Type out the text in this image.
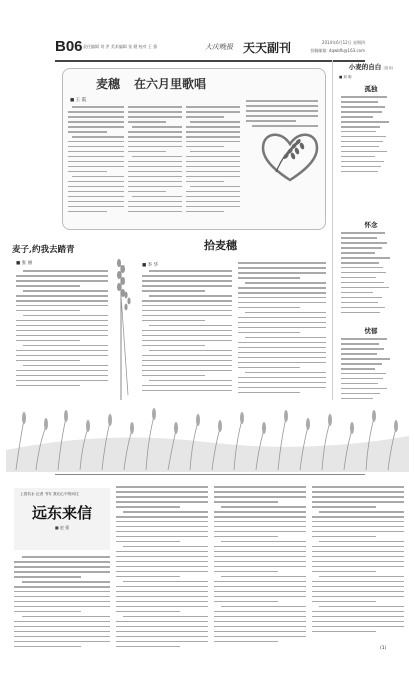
B06 责任编辑 刘 洪 美术编辑 张 健 校对 王 强	大庆晚报 天天副刊	2014年6月12日 星期四
投稿邮箱: dqwbfk@163.com
麦穗 在六月里歌唱
■ 王 霞
小麦的自白 (组诗)
■ 刘 明
孤独
怀念
忧郁
麦子,约我去踏青
■ 张 丽
拾麦穗
■ 李 华
上善若水 记者 书写 我们心中的向往
远东来信
■ 赵 强
(1)
